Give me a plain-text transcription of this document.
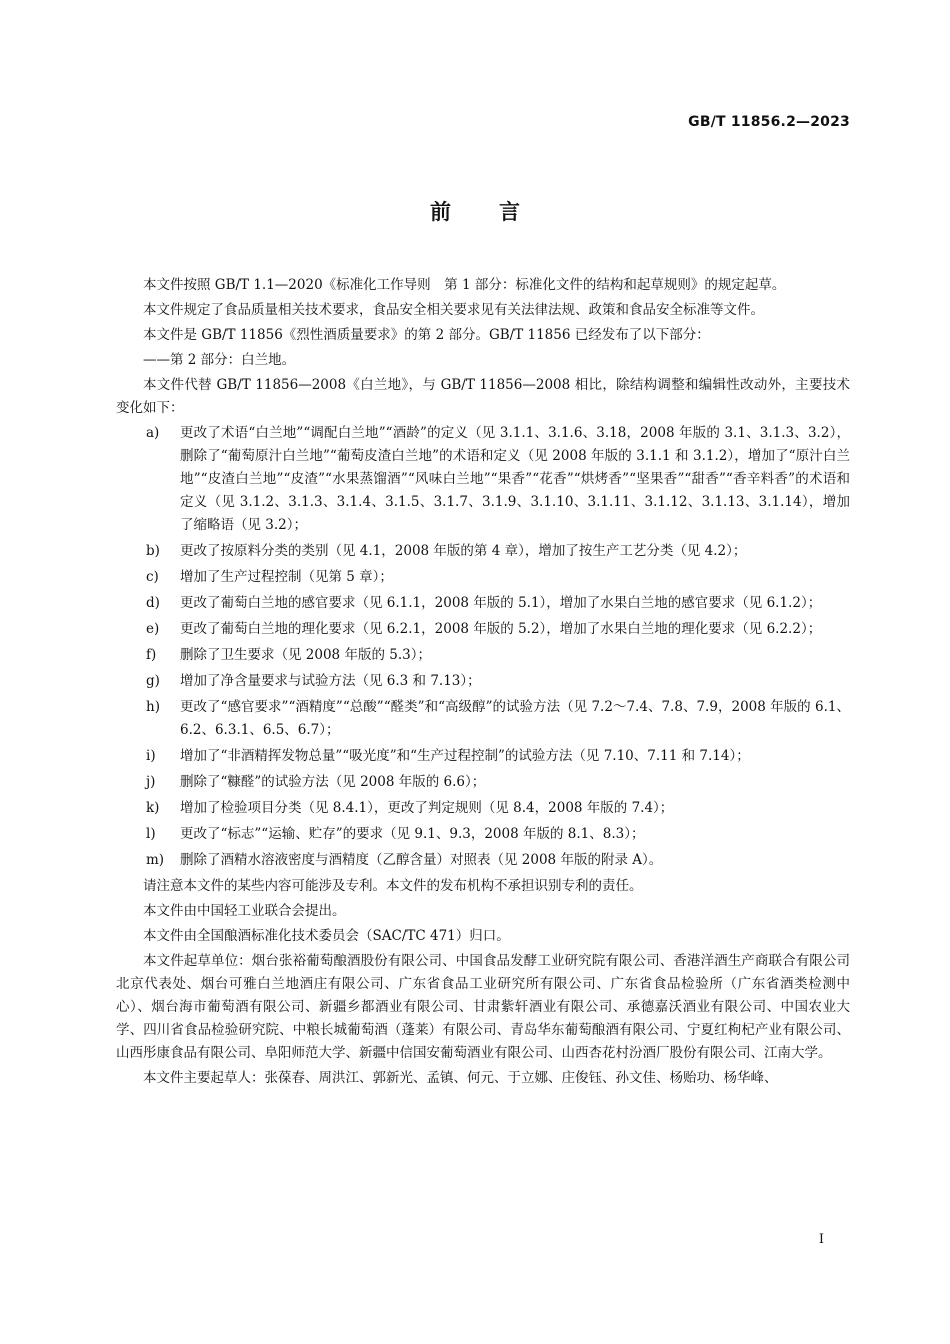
GB/T 11856.2—2023
前言

本文件按照 GB/T 1.1—2020《标准化工作导则　第 1 部分：标准化文件的结构和起草规则》的规定起草。

本文件规定了食品质量相关技术要求，食品安全相关要求见有关法律法规、政策和食品安全标准等文件。

本文件是 GB/T 11856《烈性酒质量要求》的第 2 部分。GB/T 11856 已经发布了以下部分：

——第 2 部分：白兰地。

本文件代替 GB/T 11856—2008《白兰地》，与 GB/T 11856—2008 相比，除结构调整和编辑性改动外，主要技术变化如下：

a) 更改了术语“白兰地”“调配白兰地”“酒龄”的定义（见 3.1.1、3.1.6、3.18，2008 年版的 3.1、3.1.3、3.2），删除了“葡萄原汁白兰地”“葡萄皮渣白兰地”的术语和定义（见 2008 年版的 3.1.1 和 3.1.2），增加了“原汁白兰地”“皮渣白兰地”“皮渣”“水果蒸馏酒”“风味白兰地”“果香”“花香”“烘烤香”“坚果香”“甜香”“香辛料香”的术语和定义（见 3.1.2、3.1.3、3.1.4、3.1.5、3.1.7、3.1.9、3.1.10、3.1.11、3.1.12、3.1.13、3.1.14），增加了缩略语（见 3.2）；
b) 更改了按原料分类的类别（见 4.1，2008 年版的第 4 章），增加了按生产工艺分类（见 4.2）；
c) 增加了生产过程控制（见第 5 章）；
d) 更改了葡萄白兰地的感官要求（见 6.1.1，2008 年版的 5.1），增加了水果白兰地的感官要求（见 6.1.2）；
e) 更改了葡萄白兰地的理化要求（见 6.2.1，2008 年版的 5.2），增加了水果白兰地的理化要求（见 6.2.2）；
f) 删除了卫生要求（见 2008 年版的 5.3）；
g) 增加了净含量要求与试验方法（见 6.3 和 7.13）；
h) 更改了“感官要求”“酒精度”“总酸”“醛类”和“高级醇”的试验方法（见 7.2～7.4、7.8、7.9，2008 年版的 6.1、6.2、6.3.1、6.5、6.7）；
i) 增加了“非酒精挥发物总量”“吸光度”和“生产过程控制”的试验方法（见 7.10、7.11 和 7.14）；
j) 删除了“糠醛”的试验方法（见 2008 年版的 6.6）；
k) 增加了检验项目分类（见 8.4.1），更改了判定规则（见 8.4，2008 年版的 7.4）；
l) 更改了“标志”“运输、贮存”的要求（见 9.1、9.3，2008 年版的 8.1、8.3）；
m) 删除了酒精水溶液密度与酒精度（乙醇含量）对照表（见 2008 年版的附录 A）。

请注意本文件的某些内容可能涉及专利。本文件的发布机构不承担识别专利的责任。

本文件由中国轻工业联合会提出。

本文件由全国酿酒标准化技术委员会（SAC/TC 471）归口。

本文件起草单位：烟台张裕葡萄酿酒股份有限公司、中国食品发酵工业研究院有限公司、香港洋酒生产商联合有限公司北京代表处、烟台可雅白兰地酒庄有限公司、广东省食品工业研究所有限公司、广东省食品检验所（广东省酒类检测中心）、烟台海市葡萄酒有限公司、新疆乡都酒业有限公司、甘肃紫轩酒业有限公司、承德嘉沃酒业有限公司、中国农业大学、四川省食品检验研究院、中粮长城葡萄酒（蓬莱）有限公司、青岛华东葡萄酿酒有限公司、宁夏红枸杞产业有限公司、山西彤康食品有限公司、阜阳师范大学、新疆中信国安葡萄酒业有限公司、山西杏花村汾酒厂股份有限公司、江南大学。

本文件主要起草人：张葆春、周洪江、郭新光、孟镇、何元、于立娜、庄俊钰、孙文佳、杨贻功、杨华峰、

I
